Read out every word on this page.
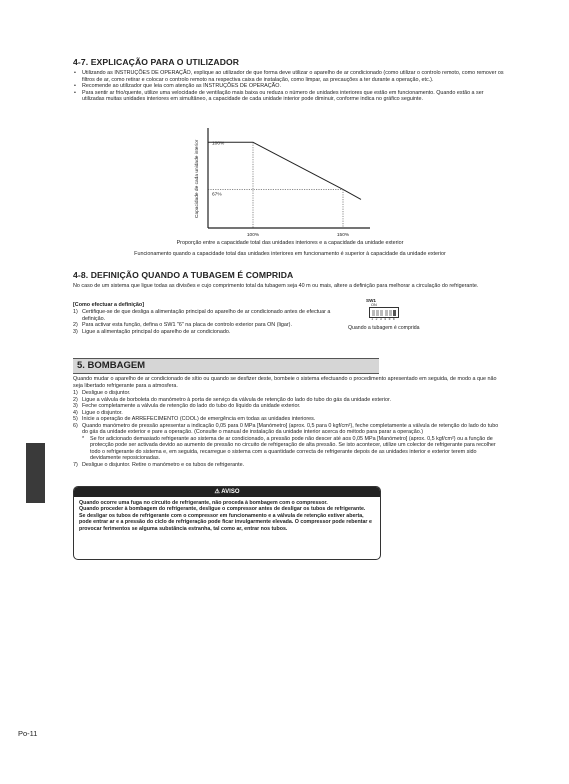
4-7. EXPLICAÇÃO PARA O UTILIZADOR
• Utilizando as INSTRUÇÕES DE OPERAÇÃO, explique ao utilizador de que forma deve utilizar o aparelho de ar condicionado (como utilizar o controlo remoto, como remover os filtros de ar, como retirar e colocar o controlo remoto na respectiva caixa de instalação, como limpar, as precauções a ter durante a operação, etc.).
• Recomende ao utilizador que leia com atenção as INSTRUÇÕES DE OPERAÇÃO.
• Para sentir ar frio/quente, utilize uma velocidade de ventilação mais baixa ou reduza o número de unidades interiores que estão em funcionamento. Quando estão a ser utilizadas muitas unidades interiores em simultâneo, a capacidade de cada unidade interior pode diminuir, conforme indica no gráfico seguinte.
Capacidade de cada unidade interior	100%
67%
100%	150%
Proporção entre a capacidade total das unidades interiores e a capacidade da unidade exterior
Funcionamento quando a capacidade total das unidades interiores em funcionamento é superior à capacidade da unidade exterior
4-8. DEFINIÇÃO QUANDO A TUBAGEM É COMPRIDA
No caso de um sistema que ligue todas as divisões e cujo comprimento total da tubagem seja 40 m ou mais, altere a definição para melhorar a circulação do refrigerante.
[Como efectuar a definição]
1) Certifique-se de que desliga a alimentação principal do aparelho de ar condicionado antes de efectuar a definição.
2) Para activar esta função, defina o SW1 "6" na placa de controlo exterior para ON (ligar).
3) Ligue a alimentação principal do aparelho de ar condicionado.
SW1
ON
1 2 3 4 5 6
Quando a tubagem é comprida
5. BOMBAGEM
Quando mudar o aparelho de ar condicionado de sítio ou quando se desfizer deste, bombeie o sistema efectuando o procedimento apresentado em seguida, de modo a que não seja libertado refrigerante para a atmosfera.
1) Desligue o disjuntor.
2) Ligue a válvula de borboleta do manómetro à porta de serviço da válvula de retenção do lado do tubo do gás da unidade exterior.
3) Feche completamente a válvula de retenção do lado do tubo do líquido da unidade exterior.
4) Ligue o disjuntor.
5) Inicie a operação de ARREFECIMENTO (COOL) de emergência em todas as unidades interiores.
6) Quando manómetro de pressão apresentar a indicação 0,05 para 0 MPa [Manómetro] (aprox. 0,5 para 0 kgf/cm²), feche completamente a válvula de retenção do lado do tubo do gás da unidade exterior e pare a operação. (Consulte o manual de instalação da unidade interior acerca do método para parar a operação.)
* Se for adicionado demasiado refrigerante ao sistema de ar condicionado, a pressão pode não descer até aos 0,05 MPa [Manómetro] (aprox. 0,5 kgf/cm²) ou a função de protecção pode ser activada devido ao aumento de pressão no circuito de refrigeração de alta pressão. Se isto acontecer, utilize um colector de refrigerante para recolher todo o refrigerante do sistema e, em seguida, recarregue o sistema com a quantidade correcta de refrigerante depois de as unidades interior e exterior terem sido devidamente reposicionadas.
7) Desligue o disjuntor. Retire o manómetro e os tubos de refrigerante.
⚠ AVISO
Quando ocorre uma fuga no circuito de refrigerante, não proceda à bombagem com o compressor.
Quando proceder à bombagem do refrigerante, desligue o compressor antes de desligar os tubos de refrigerante.
Se desligar os tubos de refrigerante com o compressor em funcionamento e a válvula de retenção estiver aberta, pode entrar ar e a pressão do ciclo de refrigeração pode ficar invulgarmente elevada. O compressor pode rebentar e provocar ferimentos se alguma substância estranha, tal como ar, entrar nos tubos.
Po-11
